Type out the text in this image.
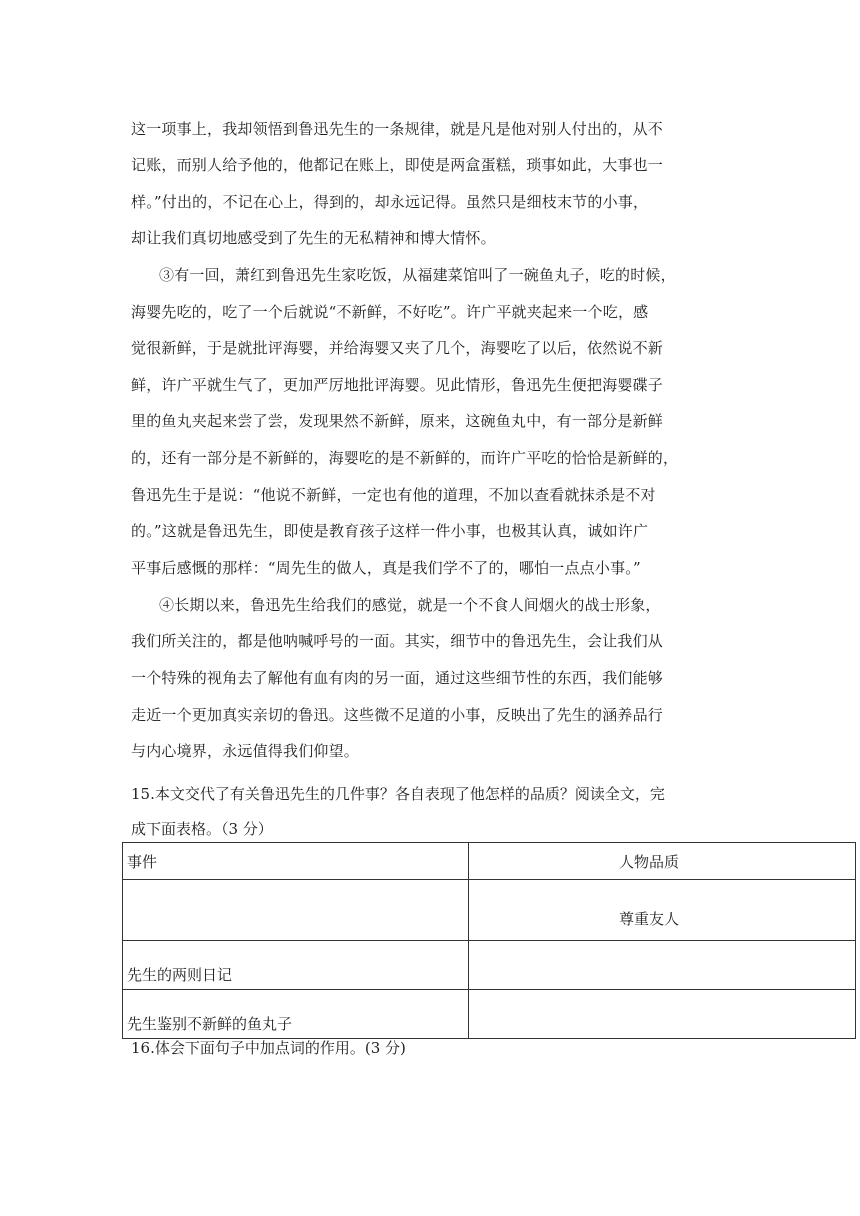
这一项事上，我却领悟到鲁迅先生的一条规律，就是凡是他对别人付出的，从不
记账，而别人给予他的，他都记在账上，即使是两盒蛋糕，琐事如此，大事也一
样。”付出的，不记在心上，得到的，却永远记得。虽然只是细枝末节的小事，
却让我们真切地感受到了先生的无私精神和博大情怀。
③有一回，萧红到鲁迅先生家吃饭，从福建菜馆叫了一碗鱼丸子，吃的时候，
海婴先吃的，吃了一个后就说“不新鲜，不好吃”。许广平就夹起来一个吃，感
觉很新鲜，于是就批评海婴，并给海婴又夹了几个，海婴吃了以后，依然说不新
鲜，许广平就生气了，更加严厉地批评海婴。见此情形，鲁迅先生便把海婴碟子
里的鱼丸夹起来尝了尝，发现果然不新鲜，原来，这碗鱼丸中，有一部分是新鲜
的，还有一部分是不新鲜的，海婴吃的是不新鲜的，而许广平吃的恰恰是新鲜的，
鲁迅先生于是说：“他说不新鲜，一定也有他的道理，不加以查看就抹杀是不对
的。”这就是鲁迅先生，即使是教育孩子这样一件小事，也极其认真，诚如许广
平事后感慨的那样：“周先生的做人，真是我们学不了的，哪怕一点点小事。”
④长期以来，鲁迅先生给我们的感觉，就是一个不食人间烟火的战士形象，
我们所关注的，都是他呐喊呼号的一面。其实，细节中的鲁迅先生，会让我们从
一个特殊的视角去了解他有血有肉的另一面，通过这些细节性的东西，我们能够
走近一个更加真实亲切的鲁迅。这些微不足道的小事，反映出了先生的涵养品行
与内心境界，永远值得我们仰望。
15.本文交代了有关鲁迅先生的几件事？各自表现了他怎样的品质？阅读全文，完
成下面表格。（3 分）
事件	人物品质
	尊重友人
先生的两则日记	
先生鉴别不新鲜的鱼丸子	
16.体会下面句子中加点词的作用。(3 分)
